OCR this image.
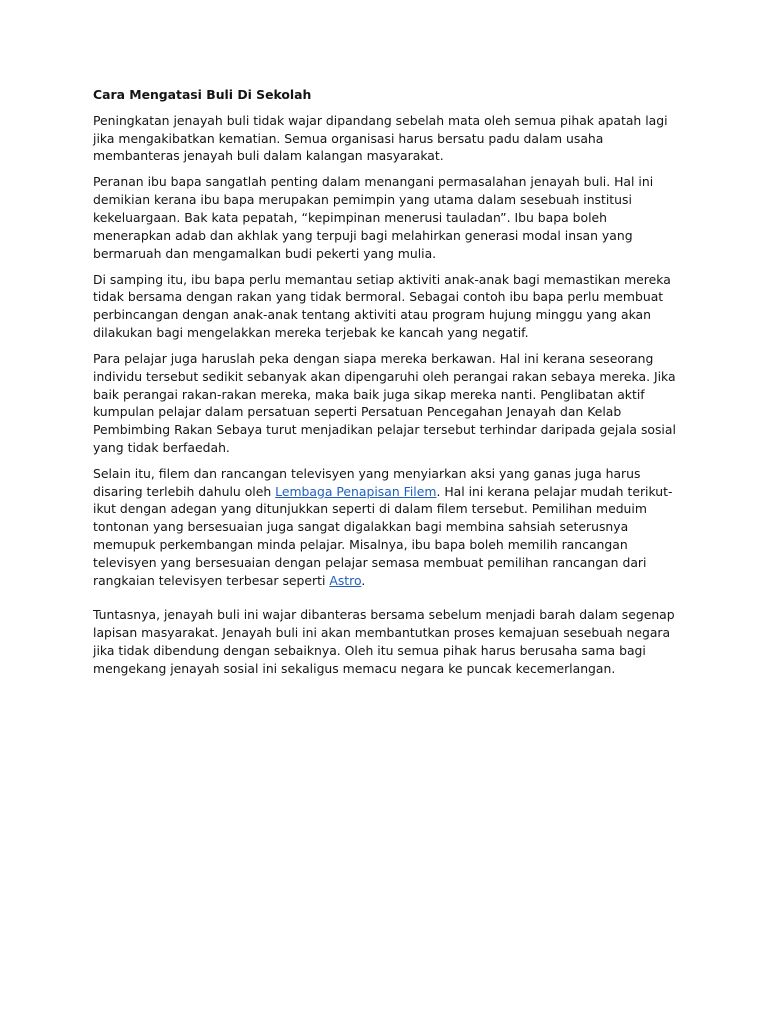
Cara Mengatasi Buli Di Sekolah

Peningkatan jenayah buli tidak wajar dipandang sebelah mata oleh semua pihak apatah lagi jika mengakibatkan kematian. Semua organisasi harus bersatu padu dalam usaha membanteras jenayah buli dalam kalangan masyarakat.

Peranan ibu bapa sangatlah penting dalam menangani permasalahan jenayah buli. Hal ini demikian kerana ibu bapa merupakan pemimpin yang utama dalam sesebuah institusi kekeluargaan. Bak kata pepatah, “kepimpinan menerusi tauladan”. Ibu bapa boleh menerapkan adab dan akhlak yang terpuji bagi melahirkan generasi modal insan yang bermaruah dan mengamalkan budi pekerti yang mulia.

Di samping itu, ibu bapa perlu memantau setiap aktiviti anak-anak bagi memastikan mereka tidak bersama dengan rakan yang tidak bermoral. Sebagai contoh ibu bapa perlu membuat perbincangan dengan anak-anak tentang aktiviti atau program hujung minggu yang akan dilakukan bagi mengelakkan mereka terjebak ke kancah yang negatif.

Para pelajar juga haruslah peka dengan siapa mereka berkawan. Hal ini kerana seseorang individu tersebut sedikit sebanyak akan dipengaruhi oleh perangai rakan sebaya mereka. Jika baik perangai rakan-rakan mereka, maka baik juga sikap mereka nanti. Penglibatan aktif kumpulan pelajar dalam persatuan seperti Persatuan Pencegahan Jenayah dan Kelab Pembimbing Rakan Sebaya turut menjadikan pelajar tersebut terhindar daripada gejala sosial yang tidak berfaedah.

Selain itu, filem dan rancangan televisyen yang menyiarkan aksi yang ganas juga harus disaring terlebih dahulu oleh Lembaga Penapisan Filem. Hal ini kerana pelajar mudah terikut-ikut dengan adegan yang ditunjukkan seperti di dalam filem tersebut. Pemilihan meduim tontonan yang bersesuaian juga sangat digalakkan bagi membina sahsiah seterusnya memupuk perkembangan minda pelajar. Misalnya, ibu bapa boleh memilih rancangan televisyen yang bersesuaian dengan pelajar semasa membuat pemilihan rancangan dari rangkaian televisyen terbesar seperti Astro.

Tuntasnya, jenayah buli ini wajar dibanteras bersama sebelum menjadi barah dalam segenap lapisan masyarakat. Jenayah buli ini akan membantutkan proses kemajuan sesebuah negara jika tidak dibendung dengan sebaiknya. Oleh itu semua pihak harus berusaha sama bagi mengekang jenayah sosial ini sekaligus memacu negara ke puncak kecemerlangan.
